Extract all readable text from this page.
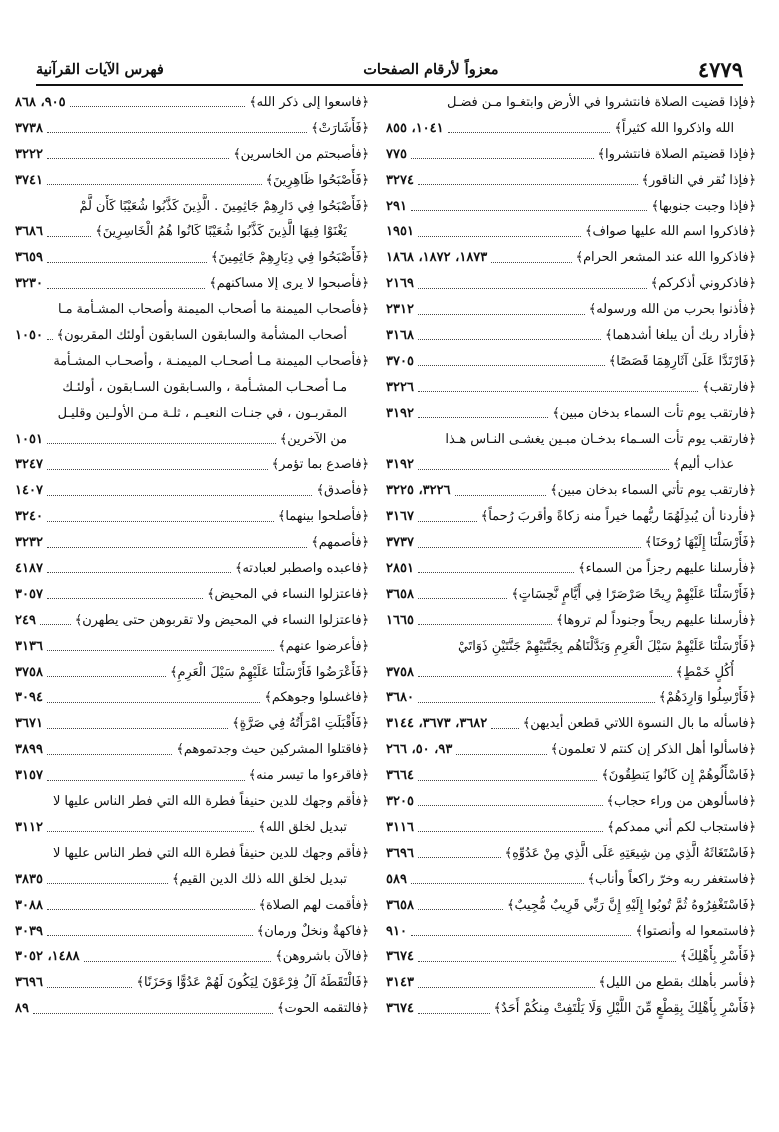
٤٧٧٩
معزواً لأرقام الصفحات
فهرس الآيات القرآنية
﴿فإذا قضيت الصلاة فانتشروا في الأرض وابتغـوا مـن فضـل
الله واذكروا الله كثيراً﴾
١٠٤١، ٨٥٥
﴿فإذا قضيتم الصلاة فانتشروا﴾
٧٧٥
﴿فإذا نُقر في الناقور﴾
٣٢٧٤
﴿فإذا وجبت جنوبها﴾
٢٩١
﴿فاذكروا اسم الله عليها صواف﴾
١٩٥١
﴿فاذكروا الله عند المشعر الحرام﴾
١٨٧٣، ١٨٧٢، ١٨٦٨
﴿فاذكروني أذكركم﴾
٢١٦٩
﴿فأذنوا بحرب من الله ورسوله﴾
٢٣١٢
﴿فأراد ربك أن يبلغا أشدهما﴾
٣١٦٨
﴿فَارْتَدَّا عَلَىٰ آثَارِهِمَا قَصَصًا﴾
٣٧٠٥
﴿فارتقب﴾
٣٢٢٦
﴿فارتقب يوم تأت السماء بدخان مبين﴾
٣١٩٢
﴿فارتقب يوم تأت السـماء بدخـان مبـين يغشـى النـاس هـذا
عذاب أليم﴾
٣١٩٢
﴿فارتقب يوم تأتي السماء بدخان مبين﴾
٣٢٢٦، ٣٢٢٥
﴿فأردنا أن يُبدِلَهُمَا ربُّهما خيراً منه زكاةً وأقربَ رُحماً﴾
٣١٦٧
﴿فَأَرْسَلْنَا إِلَيْهَا رُوحَنَا﴾
٣٧٣٧
﴿فأرسلنا عليهم رجزاً من السماء﴾
٢٨٥١
﴿فَأَرْسَلْنَا عَلَيْهِمْ رِيحًا صَرْصَرًا فِي أَيَّامٍ نَّحِسَاتٍ﴾
٣٦٥٨
﴿فأرسلنا عليهم ريحاً وجنوداً لم تروها﴾
١٦٦٥
﴿فَأَرْسَلْنَا عَلَيْهِمْ سَيْلَ الْعَرِمِ وَبَدَّلْنَاهُم بِجَنَّتَيْهِمْ جَنَّتَيْنِ ذَوَاتَيْ
أُكُلٍ خَمْطٍ﴾
٣٧٥٨
﴿فَأَرْسِلُوا وَارِدَهُمْ﴾
٣٦٨٠
﴿فاسأله ما بال النسوة اللاتي قطعن أيديهن﴾
٣٦٨٢، ٣٦٧٣، ٣١٤٤
﴿فاسألوا أهل الذكر إن كنتم لا تعلمون﴾
٩٣، ٥٠، ٢٦٦
﴿فَاسْأَلُوهُمْ إِن كَانُوا يَنطِقُونَ﴾
٣٦٦٤
﴿فاسألوهن من وراء حجاب﴾
٣٢٠٥
﴿فاستجاب لكم أني ممدكم﴾
٣١١٦
﴿فَاسْتَغَاثَهُ الَّذِي مِن شِيعَتِهِ عَلَى الَّذِي مِنْ عَدُوِّهِ﴾
٣٦٩٦
﴿فاستغفر ربه وخرّ راكعاً وأناب﴾
٥٨٩
﴿فَاسْتَغْفِرُوهُ ثُمَّ تُوبُوا إِلَيْهِ إِنَّ رَبِّي قَرِيبٌ مُّجِيبٌ﴾
٣٦٥٨
﴿فاستمعوا له وأنصتوا﴾
٩١٠
﴿فَأَسْرِ بِأَهْلِكَ﴾
٣٦٧٤
﴿فأسر بأهلك بقطع من الليل﴾
٣١٤٣
﴿فَأَسْرِ بِأَهْلِكَ بِقِطْعٍ مِّنَ اللَّيْلِ وَلَا يَلْتَفِتْ مِنكُمْ أَحَدٌ﴾
٣٦٧٤
﴿فاسعوا إلى ذكر الله﴾
٩٠٥، ٨٦٨
﴿فَأَشَارَتْ﴾
٣٧٣٨
﴿فأصبحتم من الخاسرين﴾
٣٢٢٢
﴿فَأَصْبَحُوا ظَاهِرِينَ﴾
٣٧٤١
﴿فَأَصْبَحُوا فِي دَارِهِمْ جَاثِمِينَ . الَّذِينَ كَذَّبُوا شُعَيْبًا كَأَن لَّمْ
يَغْنَوْا فِيهَا الَّذِينَ كَذَّبُوا شُعَيْبًا كَانُوا هُمُ الْخَاسِرِينَ﴾
٣٦٨٦
﴿فَأَصْبَحُوا فِي دِيَارِهِمْ جَاثِمِينَ﴾
٣٦٥٩
﴿فأصبحوا لا يرى إلا مساكنهم﴾
٣٢٣٠
﴿فأصحاب الميمنة ما أصحاب الميمنة وأصحاب المشـأمة مـا
أصحاب المشأمة والسابقون السابقون أولئك المقربون﴾
١٠٥٠
﴿فأصحاب الميمنة مـا أصحـاب الميمنـة ، وأصحـاب المشـأمة
مـا أصحـاب المشـأمة ، والسـابقون السـابقون ، أولئـك
المقربـون ، في جنـات النعيـم ، ثلـة مـن الأولـين وقليـل
من الآخرين﴾
١٠٥١
﴿فاصدع بما تؤمر﴾
٣٢٤٧
﴿فأصدق﴾
١٤٠٧
﴿فأصلحوا بينهما﴾
٣٢٤٠
﴿فأصمهم﴾
٣٢٣٢
﴿فاعبده واصطبر لعبادته﴾
٤١٨٧
﴿فاعتزلوا النساء في المحيض﴾
٣٠٥٧
﴿فاعتزلوا النساء في المحيض ولا تقربوهن حتى يطهرن﴾
٢٤٩
﴿فأعرضوا عنهم﴾
٣١٣٦
﴿فَأَعْرَضُوا فَأَرْسَلْنَا عَلَيْهِمْ سَيْلَ الْعَرِمِ﴾
٣٧٥٨
﴿فاغسلوا وجوهكم﴾
٣٠٩٤
﴿فَأَقْبَلَتِ امْرَأَتُهُ فِي صَرَّةٍ﴾
٣٦٧١
﴿فاقتلوا المشركين حيث وجدتموهم﴾
٣٨٩٩
﴿فاقرءوا ما تيسر منه﴾
٣١٥٧
﴿فأقم وجهك للدين حنيفاً فطرة الله التي فطر الناس عليها لا
تبديل لخلق الله﴾
٣١١٢
﴿فأقم وجهك للدين حنيفاً فطرة الله التي فطر الناس عليها لا
تبديل لخلق الله ذلك الدين القيم﴾
٣٨٣٥
﴿فأقمت لهم الصلاة﴾
٣٠٨٨
﴿فاكهةٌ ونخلٌ ورمان﴾
٣٠٣٩
﴿فالآن باشروهن﴾
١٤٨٨، ٣٠٥٢
﴿فَالْتَقَطَهُ آلُ فِرْعَوْنَ لِيَكُونَ لَهُمْ عَدُوًّا وَحَزَنًا﴾
٣٦٩٦
﴿فالتقمه الحوت﴾
٨٩
